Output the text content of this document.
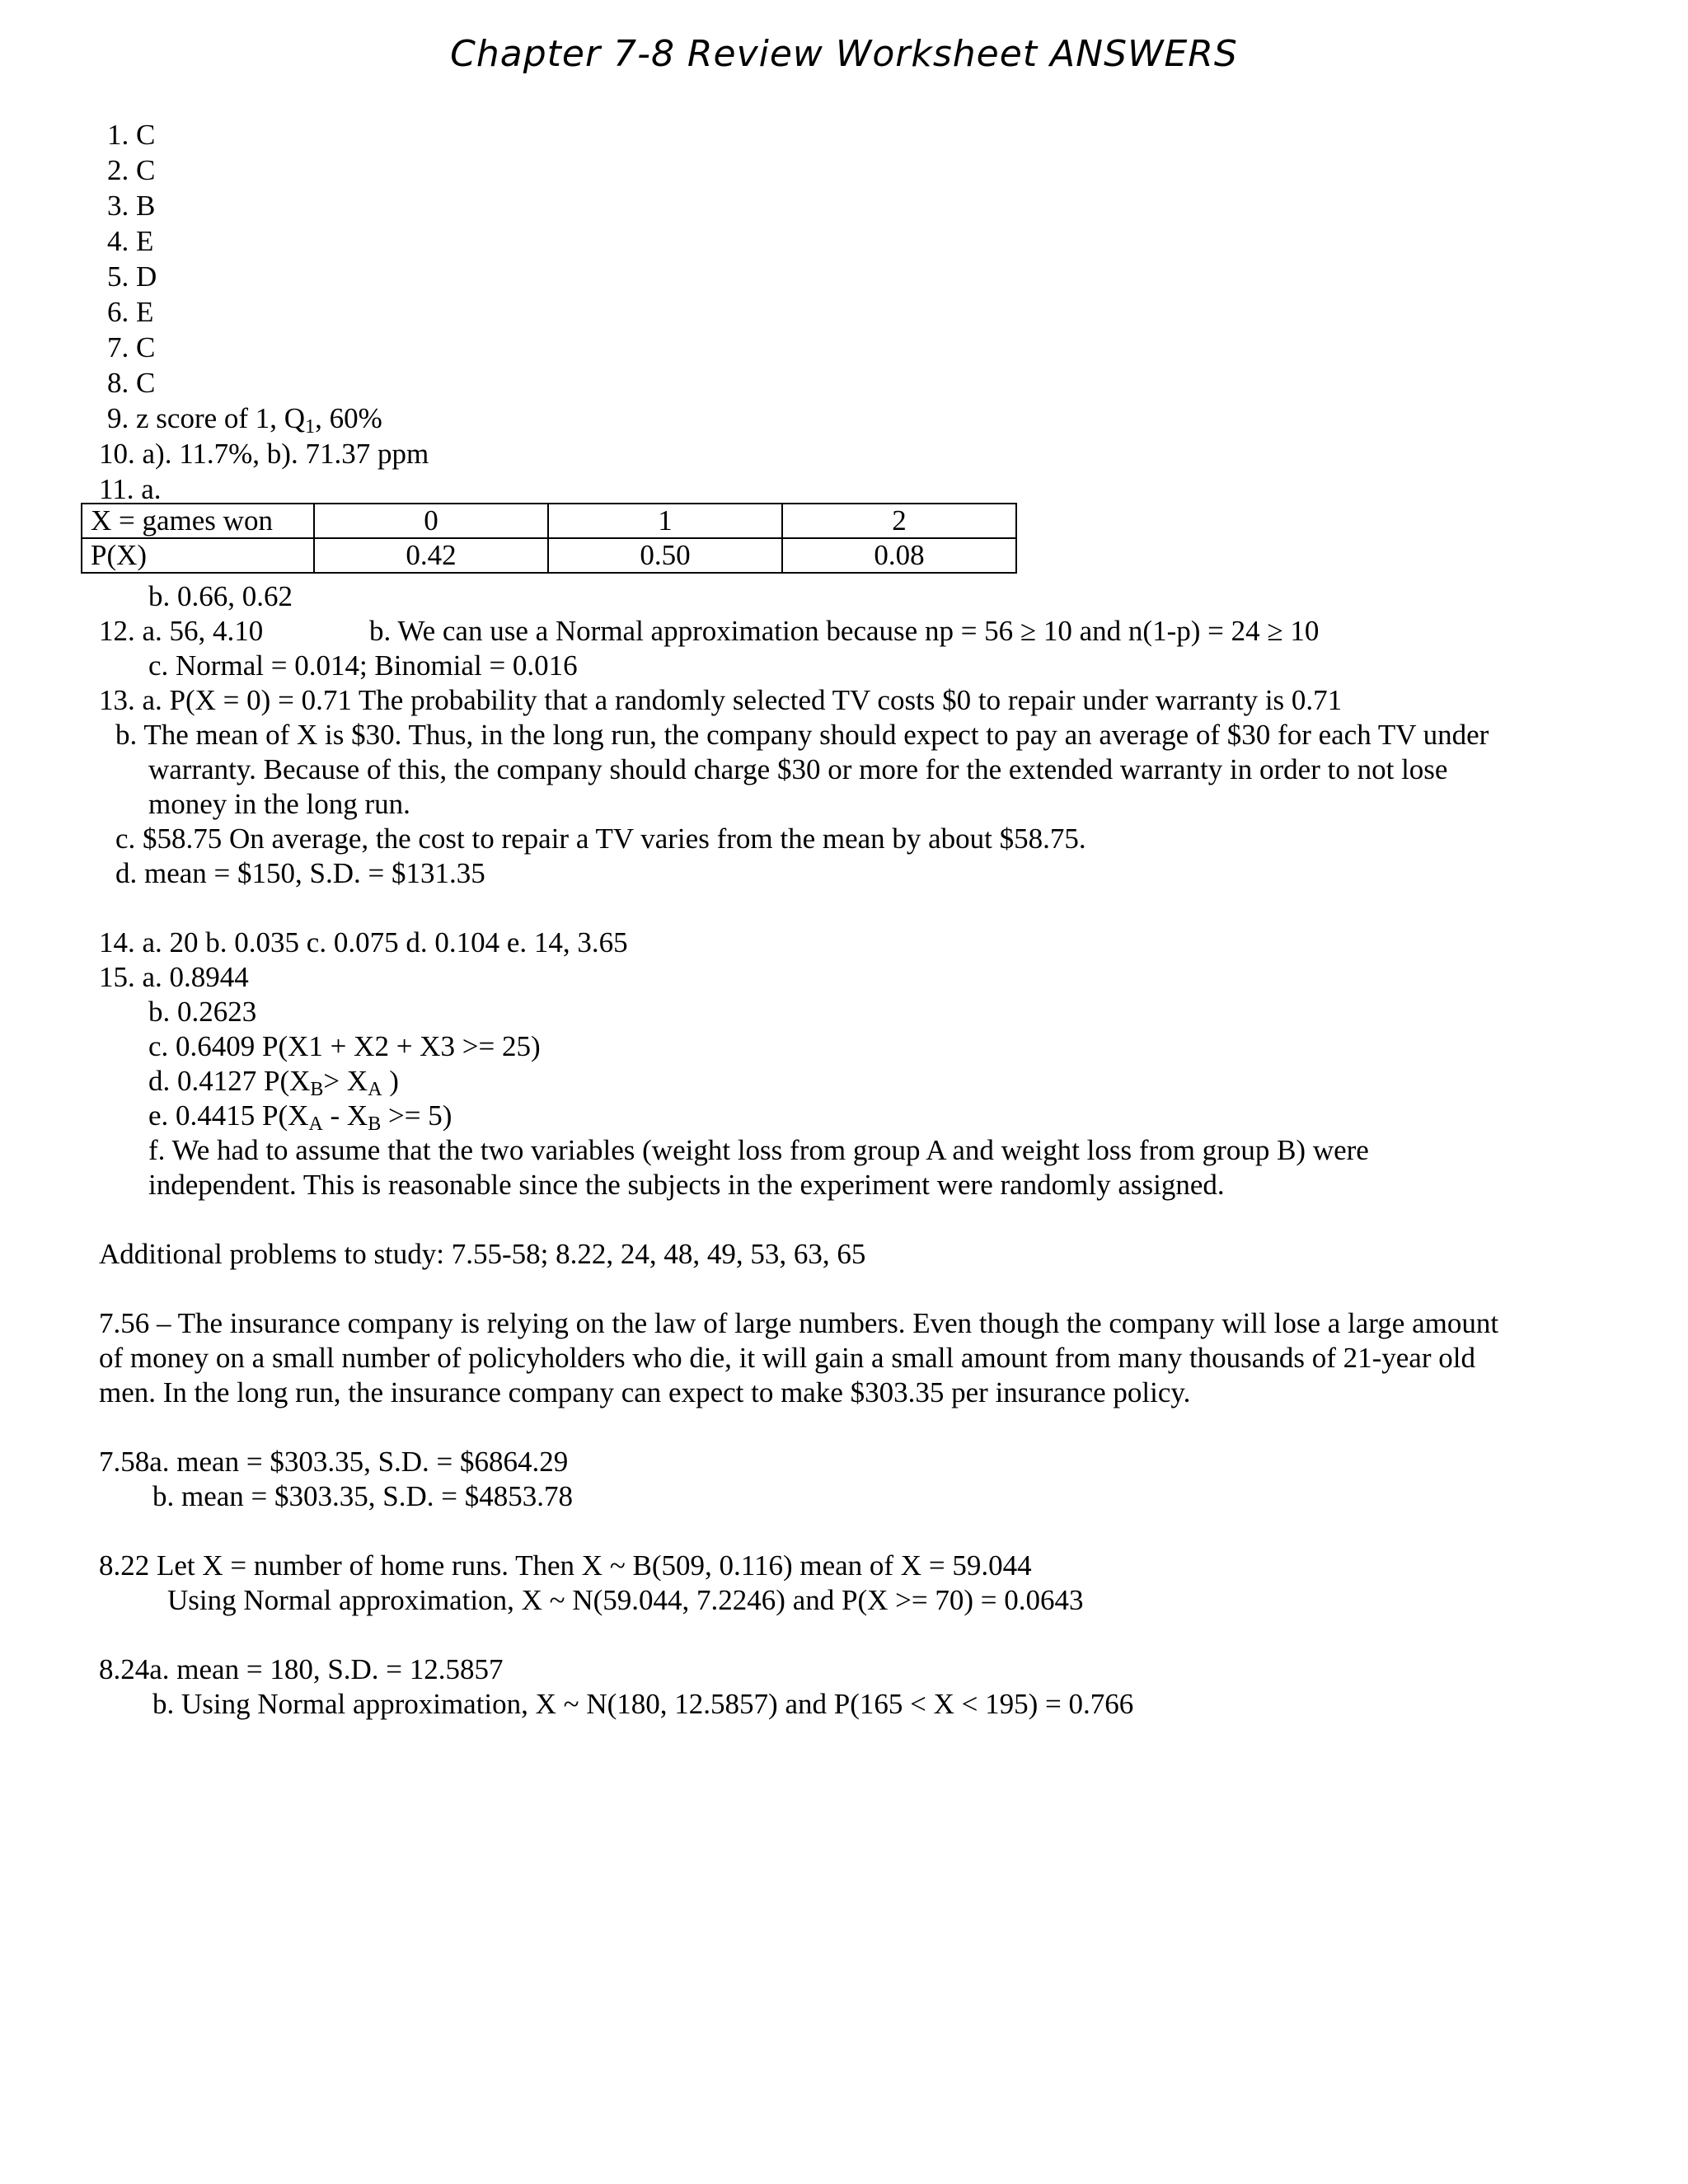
Chapter 7-8 Review Worksheet ANSWERS
1. C
2. C
3. B
4. E
5. D
6. E
7. C
8. C
9. z score of 1, $Q_1$, 60%
10. a). 11.7%, b). 71.37 ppm
11. a.
X = games won	0	1	2
P(X)	0.42	0.50	0.08
b. 0.66, 0.62
12. a. 56, 4.10	b. We can use a Normal approximation because np = 56 ≥ 10 and n(1-p) = 24 ≥ 10
c. Normal = 0.014; Binomial = 0.016
13. a. P(X = 0) = 0.71 The probability that a randomly selected TV costs $0 to repair under warranty is 0.71
b. The mean of X is $30. Thus, in the long run, the company should expect to pay an average of $30 for each TV under
warranty. Because of this, the company should charge $30 or more for the extended warranty in order to not lose
money in the long run.
c. $58.75 On average, the cost to repair a TV varies from the mean by about $58.75.
d. mean = $150, S.D. = $131.35
14. a. 20 b. 0.035 c. 0.075 d. 0.104 e. 14, 3.65
15. a. 0.8944
b. 0.2623
c. 0.6409 P(X1 + X2 + X3 >= 25)
d. 0.4127 $P(X_B> X_A$ )
e. 0.4415 $P(X_A - X_B >= 5)$
f. We had to assume that the two variables (weight loss from group A and weight loss from group B) were
independent. This is reasonable since the subjects in the experiment were randomly assigned.
Additional problems to study: 7.55-58; 8.22, 24, 48, 49, 53, 63, 65
7.56 – The insurance company is relying on the law of large numbers. Even though the company will lose a large amount
of money on a small number of policyholders who die, it will gain a small amount from many thousands of 21-year old
men. In the long run, the insurance company can expect to make $303.35 per insurance policy.
7.58a. mean = $303.35, S.D. = $6864.29
b. mean = $303.35, S.D. = $4853.78
8.22 Let X = number of home runs. Then X ~ B(509, 0.116) mean of X = 59.044
Using Normal approximation, X ~ N(59.044, 7.2246) and P(X >= 70) = 0.0643
8.24a. mean = 180, S.D. = 12.5857
b. Using Normal approximation, X ~ N(180, 12.5857) and P(165 < X < 195) = 0.766
